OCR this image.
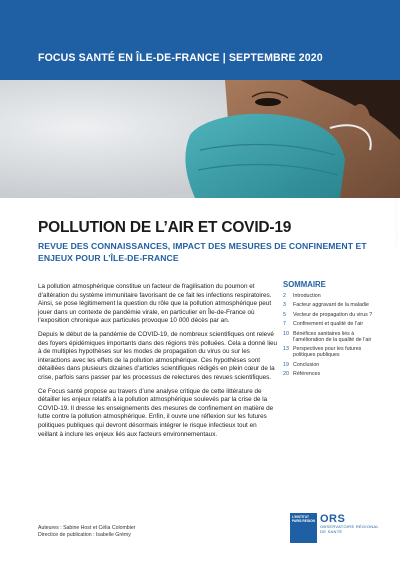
FOCUS SANTÉ EN ÎLE-DE-FRANCE | SEPTEMBRE 2020
© iStockphoto / Ron Pollock
POLLUTION DE L’AIR ET COVID-19
REVUE DES CONNAISSANCES, IMPACT DES MESURES DE CONFINEMENT ET ENJEUX POUR L’ÎLE-DE-FRANCE

La pollution atmosphérique constitue un facteur de fragilisation du poumon et d’altération du système immunitaire favorisant de ce fait les infections respiratoires. Ainsi, se pose légitimement la question du rôle que la pollution atmosphérique peut jouer dans un contexte de pandémie virale, en particulier en Île-de-France où l’exposition chronique aux particules provoque 10 000 décès par an.

Depuis le début de la pandémie de COVID-19, de nombreux scientifiques ont relevé des foyers épidémiques importants dans des régions très polluées. Cela a donné lieu à de multiples hypothèses sur les modes de propagation du virus ou sur les interactions avec les effets de la pollution atmosphérique. Ces hypothèses sont détaillées dans plusieurs dizaines d’articles scientifiques rédigés en plein cœur de la crise, parfois sans passer par les processus de relectures des revues scientifiques.

Ce Focus santé propose au travers d’une analyse critique de cette littérature de détailler les enjeux relatifs à la pollution atmosphérique soulevés par la crise de la COVID-19. Il dresse les enseignements des mesures de confinement en matière de lutte contre la pollution atmosphérique. Enfin, il ouvre une réflexion sur les futures politiques publiques qui devront désormais intégrer le risque infectieux tout en veillant à inclure les enjeux liés aux facteurs environnementaux.

Auteures : Sabine Host et Célia Colombier
Directice de publication : Isabelle Grémy
SOMMAIRE
2	Introduction
3	Facteur aggravant de la maladie
5	Vecteur de propagation du virus ?
7	Confinement et qualité de l’air
10 Bénéfices sanitaires liés à l’amélioration de la qualité de l’air
13 Perspectives pour les futures politiques publiques
19 Conclusion
20 Références
L’INSTITUT PARIS REGION ORS
OBSERVATOIRE RÉGIONAL DE SANTÉ
